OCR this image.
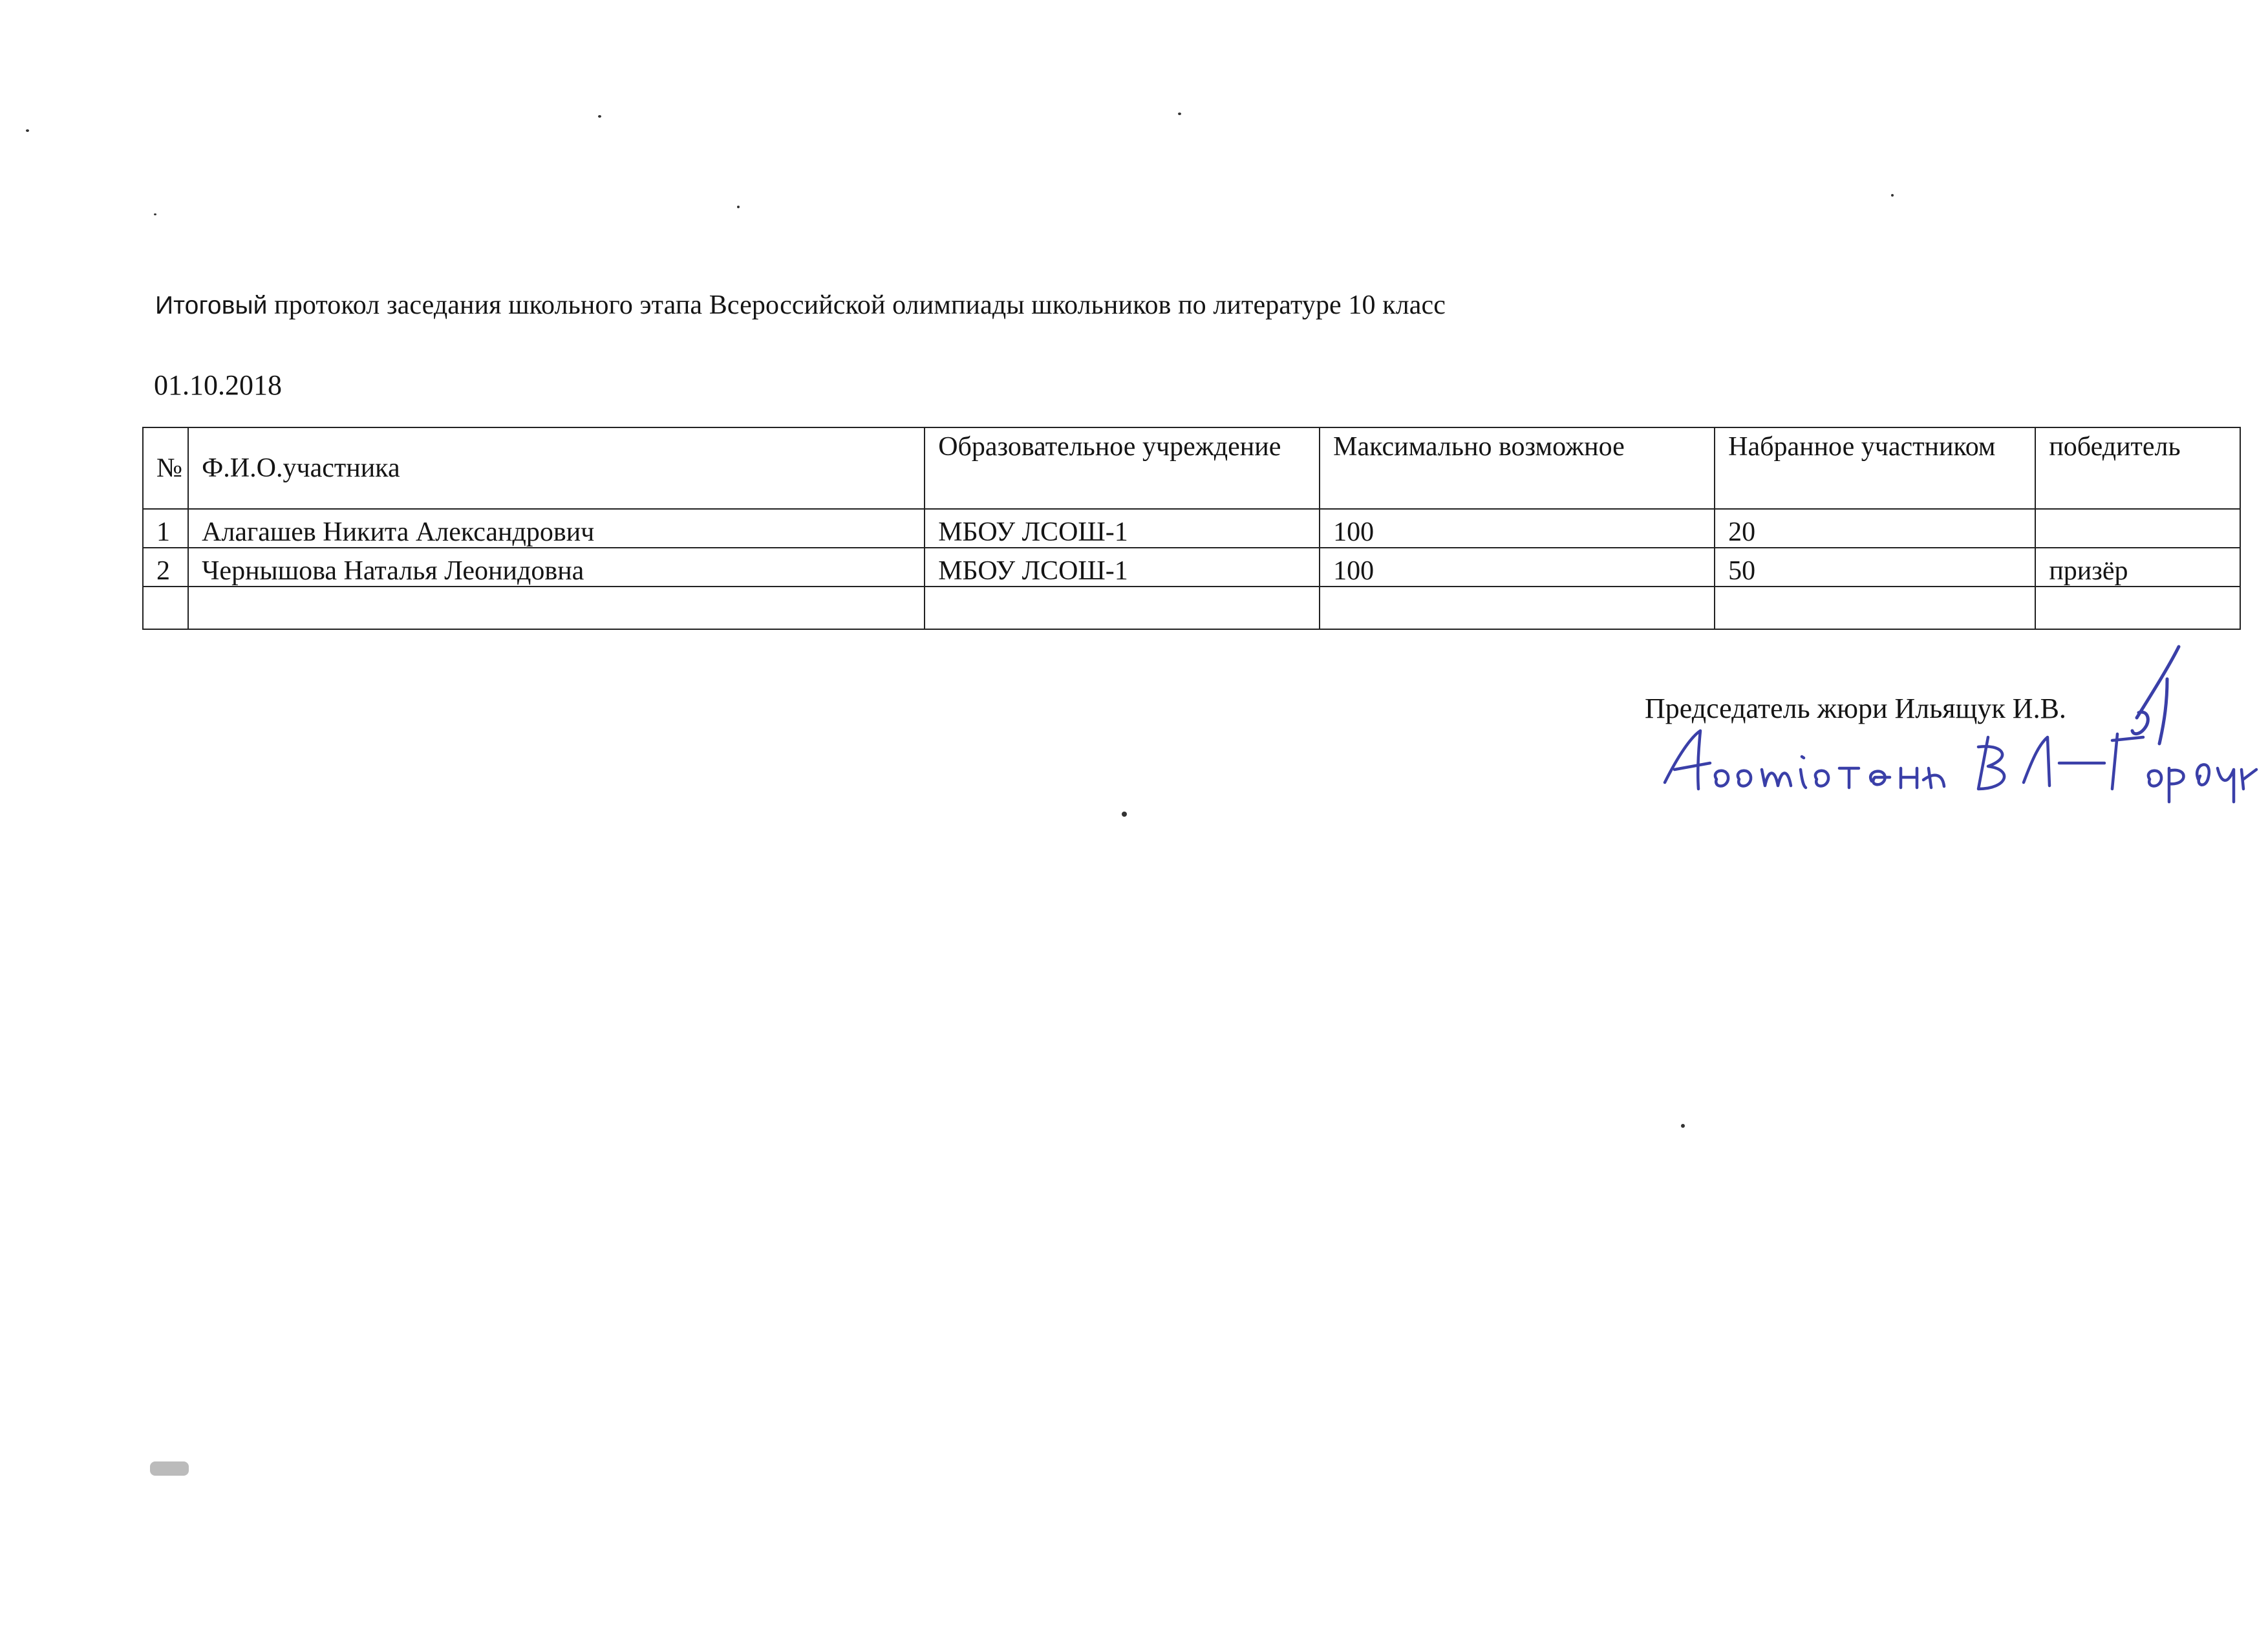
Итоговый протокол заседания школьного этапа Всероссийской олимпиады школьников по литературе 10 класс
01.10.2018
№	Ф.И.О.участника	Образовательное учреждение	Максимально возможное	Набранное участником	победитель
1	Алагашев Никита Александрович	МБОУ ЛСОШ-1	100	20	
2	Чернышова Наталья Леонидовна	МБОУ ЛСОШ-1	100	50	призёр

Председатель жюри Ильящук И.В.
